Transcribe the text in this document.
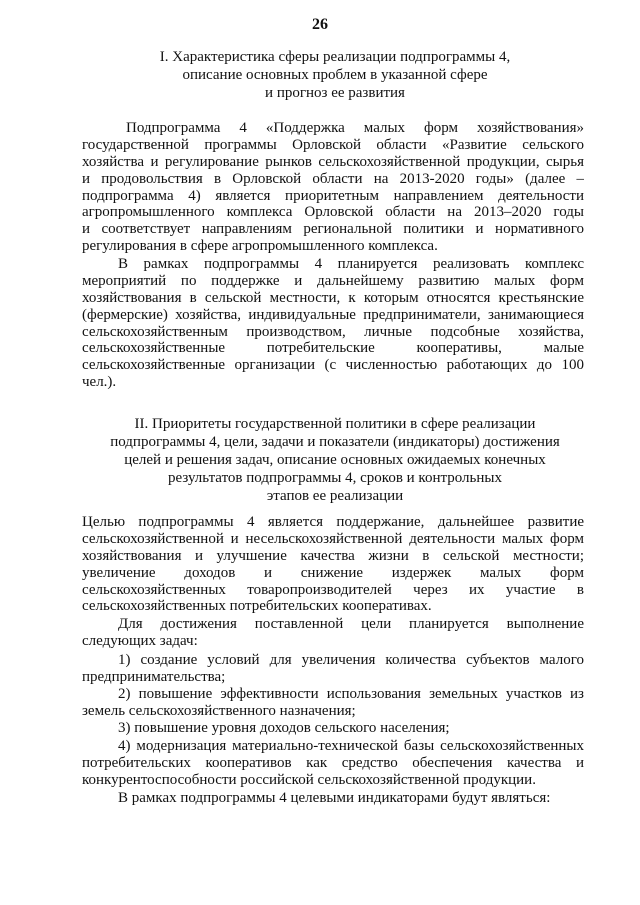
26
I. Характеристика сферы реализации подпрограммы 4,
описание основных проблем в указанной сфере
и прогноз ее развития
Подпрограмма 4 «Поддержка малых форм хозяйствования»
государственной программы Орловской области «Развитие сельского
хозяйства и регулирование рынков сельскохозяйственной продукции, сырья
и продовольствия в Орловской области на 2013-2020 годы» (далее –
подпрограмма 4) является приоритетным направлением деятельности
агропромышленного комплекса Орловской области на 2013–2020 годы
и соответствует направлениям региональной политики и нормативного
регулирования в сфере агропромышленного комплекса.
В рамках подпрограммы 4 планируется реализовать комплекс
мероприятий по поддержке и дальнейшему развитию малых форм
хозяйствования в сельской местности, к которым относятся крестьянские
(фермерские) хозяйства, индивидуальные предприниматели, занимающиеся
сельскохозяйственным производством, личные подсобные хозяйства,
сельскохозяйственные потребительские кооперативы, малые
сельскохозяйственные организации (с численностью работающих до 100
чел.).
II. Приоритеты государственной политики в сфере реализации
подпрограммы 4, цели, задачи и показатели (индикаторы) достижения
целей и решения задач, описание основных ожидаемых конечных
результатов подпрограммы 4, сроков и контрольных
этапов ее реализации
Целью подпрограммы 4 является поддержание, дальнейшее развитие
сельскохозяйственной и несельскохозяйственной деятельности малых форм
хозяйствования и улучшение качества жизни в сельской местности;
увеличение доходов и снижение издержек малых форм
сельскохозяйственных товаропроизводителей через их участие в
сельскохозяйственных потребительских кооперативах.
Для достижения поставленной цели планируется выполнение
следующих задач:
1) создание условий для увеличения количества субъектов малого
предпринимательства;
2) повышение эффективности использования земельных участков из
земель сельскохозяйственного назначения;
3) повышение уровня доходов сельского населения;
4) модернизация материально-технической базы сельскохозяйственных
потребительских кооперативов как средство обеспечения качества и
конкурентоспособности российской сельскохозяйственной продукции.
В рамках подпрограммы 4 целевыми индикаторами будут являться:
